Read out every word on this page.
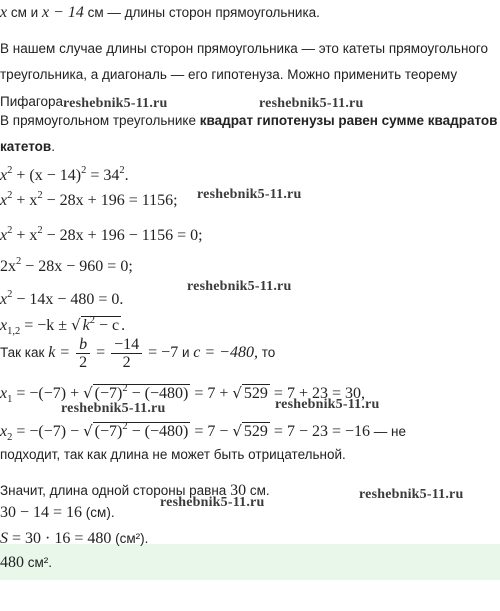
x см и x − 14 см — длины сторон прямоугольника.
В нашем случае длины сторон прямоугольника — это катеты прямоугольного
треугольника, а диагональ — его гипотенуза. Можно применить теорему
Пифагора.
В прямоугольном треугольнике квадрат гипотенузы равен сумме квадратов
катетов.
$x^2 + (x - 14)^2 = 34^2$.
$x^2 + x^2 - 28x + 196 = 1156$;
$x^2 + x^2 - 28x + 196 - 1156 = 0$;
$2x^2 - 28x - 960 = 0$;
$x^2 - 14x - 480 = 0$.
$x_{1,2} = -k$ ± √ $k^2 - c$ .
Так как $k = \frac{b}{2} = \frac{-14}{2} = -7$ и c = −480, то
$x_1 = -(-7)$ + √ $(-7)^2 - (-480) = 7$ + √ 529 = 7 + 23 = 30,
$x_2 = -(-7)$ − √ $(-7)^2 - (-480) = 7$ − √ 529 = 7 − 23 = −16 — не
подходит, так как длина не может быть отрицательной.
Значит, длина одной стороны равна 30 см.
30 − 14 = 16 (см).
S = 30 · 16 = 480 (см²).
480 см².
reshebnik5-11.ru	reshebnik5-11.ru
reshebnik5-11.ru
reshebnik5-11.ru
reshebnik5-11.ru	reshebnik5-11.ru
reshebnik5-11.ru
reshebnik5-11.ru
